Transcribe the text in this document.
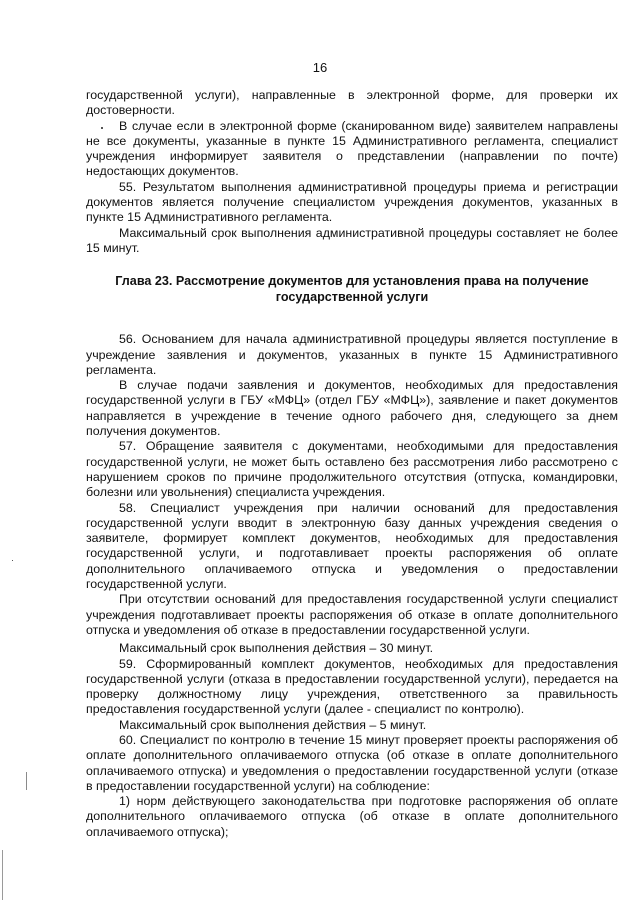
16

государственной услуги), направленные в электронной форме, для проверки их достоверности.

В случае если в электронной форме (сканированном виде) заявителем направлены не все документы, указанные в пункте 15 Административного регламента, специалист учреждения информирует заявителя о представлении (направлении по почте) недостающих документов.

55. Результатом выполнения административной процедуры приема и регистрации документов является получение специалистом учреждения документов, указанных в пункте 15 Административного регламента.

Максимальный срок выполнения административной процедуры составляет не более 15 минут.

Глава 23. Рассмотрение документов для установления права на получение государственной услуги

56. Основанием для начала административной процедуры является поступление в учреждение заявления и документов, указанных в пункте 15 Административного регламента.

В случае подачи заявления и документов, необходимых для предоставления государственной услуги в ГБУ «МФЦ» (отдел ГБУ «МФЦ»), заявление и пакет документов направляется в учреждение в течение одного рабочего дня, следующего за днем получения документов.

57. Обращение заявителя с документами, необходимыми для предоставления государственной услуги, не может быть оставлено без рассмотрения либо рассмотрено с нарушением сроков по причине продолжительного отсутствия (отпуска, командировки, болезни или увольнения) специалиста учреждения.

58. Специалист учреждения при наличии оснований для предоставления государственной услуги вводит в электронную базу данных учреждения сведения о заявителе, формирует комплект документов, необходимых для предоставления государственной услуги, и подготавливает проекты распоряжения об оплате дополнительного оплачиваемого отпуска и уведомления о предоставлении государственной услуги.

При отсутствии оснований для предоставления государственной услуги специалист учреждения подготавливает проекты распоряжения об отказе в оплате дополнительного отпуска и уведомления об отказе в предоставлении государственной услуги.

Максимальный срок выполнения действия – 30 минут.

59. Сформированный комплект документов, необходимых для предоставления государственной услуги (отказа в предоставлении государственной услуги), передается на проверку должностному лицу учреждения, ответственного за правильность предоставления государственной услуги (далее - специалист по контролю).

Максимальный срок выполнения действия – 5 минут.

60. Специалист по контролю в течение 15 минут проверяет проекты распоряжения об оплате дополнительного оплачиваемого отпуска (об отказе в оплате дополнительного оплачиваемого отпуска) и уведомления о предоставлении государственной услуги (отказе в предоставлении государственной услуги) на соблюдение:

1) норм действующего законодательства при подготовке распоряжения об оплате дополнительного оплачиваемого отпуска (об отказе в оплате дополнительного оплачиваемого отпуска);
